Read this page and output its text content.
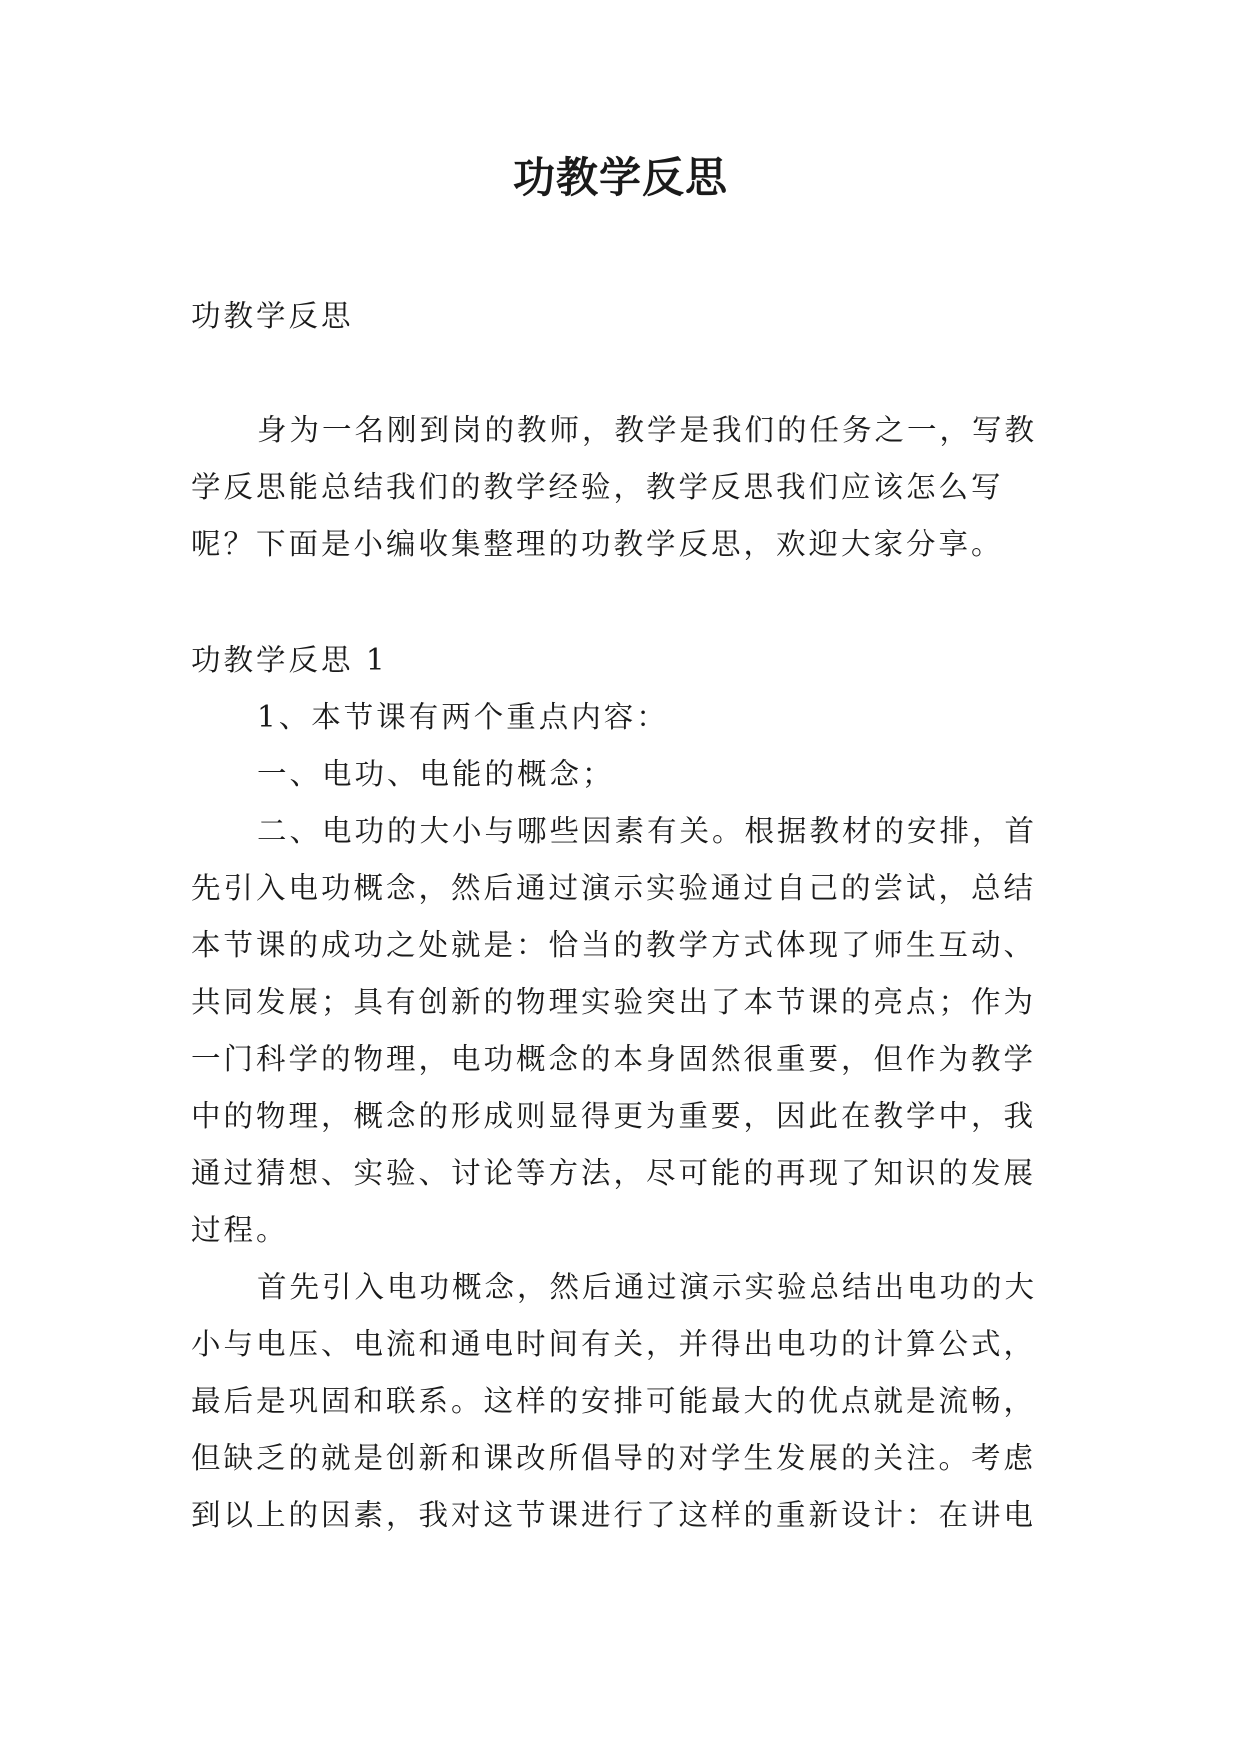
功教学反思

功教学反思

身为一名刚到岗的教师，教学是我们的任务之一，写教
学反思能总结我们的教学经验，教学反思我们应该怎么写
呢？下面是小编收集整理的功教学反思，欢迎大家分享。
功教学反思 1
1、本节课有两个重点内容：
一、电功、电能的概念；
二、电功的大小与哪些因素有关。根据教材的安排，首
先引入电功概念，然后通过演示实验通过自己的尝试，总结
本节课的成功之处就是：恰当的教学方式体现了师生互动、
共同发展；具有创新的物理实验突出了本节课的亮点；作为
一门科学的物理，电功概念的本身固然很重要，但作为教学
中的物理，概念的形成则显得更为重要，因此在教学中，我
通过猜想、实验、讨论等方法，尽可能的再现了知识的发展
过程。
首先引入电功概念，然后通过演示实验总结出电功的大
小与电压、电流和通电时间有关，并得出电功的计算公式，
最后是巩固和联系。这样的安排可能最大的优点就是流畅，
但缺乏的就是创新和课改所倡导的对学生发展的关注。考虑
到以上的因素，我对这节课进行了这样的重新设计：在讲电
